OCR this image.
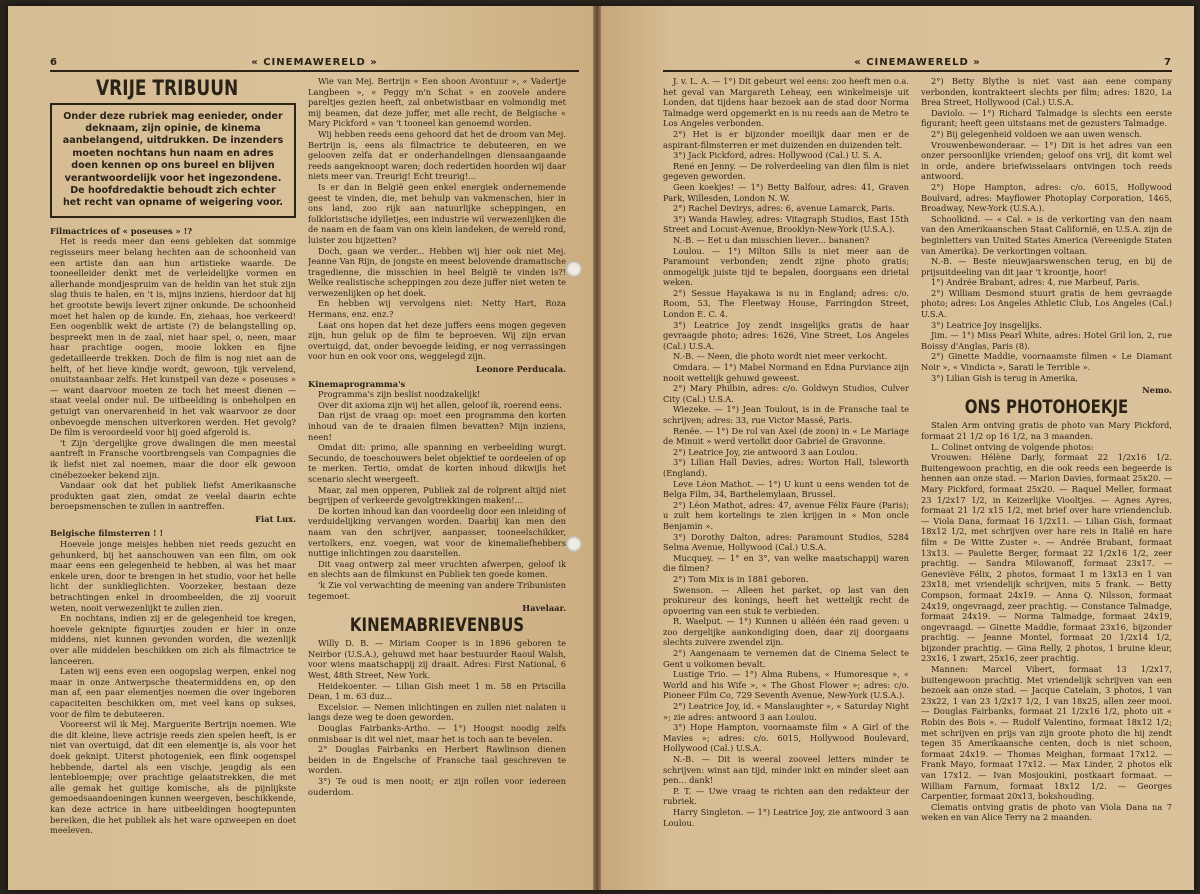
6	« CINEMAWERELD »
VRIJE TRIBUUN
Onder deze rubriek mag eenieder, onder deknaam, zijn opinie, de kinema aanbelangend, uitdrukken. De inzenders moeten nochtans hun naam en adres doen kennen op ons bureel en blijven verantwoordelijk voor het ingezondene. De hoofdredaktie behoudt zich echter het recht van opname of weigering voor.

Filmactrices of « poseuses » !?

Het is reeds meer dan eens gebleken dat sommige regisseurs meer belang hechten aan de schoonheid van een artiste dan aan hun artistieke waarde. De tooneelleider denkt met de verleidelijke vormen en allerhande mondjespruim van de heldin van het stuk zijn slag thuis te halen, en 't is, mijns inziens, hierdoor dat hij het grootste bewijs levert zijner onkunde. De schoonheid moet het halen op de kunde. En, ziehaas, hoe verkeerd! Een oogenblik wekt de artiste (?) de belangstelling op, bespreekt men in de zaal, niet haar spel, o, neen, maar haar prachtige oogen, mooie lokken en fijne gedetailleerde trekken. Doch de film is nog niet aan de helft, of het lieve kindje wordt, gewoon, tijk vervelend, onuitstaanbaar zelfs. Het kunstpeil van deze « poseuses » — want daarvoor moeten ze toch het meest dienen — staat veelal onder nul. De uitbeelding is onbeholpen en getuigt van onervarenheid in het vak waarvoor ze door onbevoegde menschen uitverkoren werden. Het gevolg? De film is veroordeeld voor hij goed afgerold is.

't Zijn 'dergelijke grove dwalingen die men meestal aantreft in Fransche voortbrengsels van Compagnies die ik liefst niet zal noemen, maar die door elk gewoon cinébezoeker bekend zijn.

Vandaar ook dat het publiek liefst Amerikaansche produkten gaat zien, omdat ze veelal daarin echte beroepsmenschen te zullen in aantreffen.

Fiat Lux.

Belgische filmsterren ! !

Hoevele jonge meisjes hebben niet reeds gezucht en gehunkerd, bij het aanschouwen van een film, om ook maar eens een gelegenheid te hebben, al was het maar enkele uren, door te brengen in het studio, voor het helle licht der sunklieglichten. Voorzeker, bestaan deze betrachtingen enkel in droombeelden, die zij vooruit weten, nooit verwezenlijkt te zullen zien.

En nochtans, indien zij er de gelegenheid toe kregen, hoevele geknipte figuurtjes zouden er hier in onze middens, niet kunnen gevonden worden, die wezenlijk over alle middelen beschikken om zich als filmactrice te lanceeren.

Laten wij eens even een oogopslag werpen, enkel nog maar in onze Antwerpsche theatermiddens en, op den man af, een paar elementjes noemen die over ingeboren capaciteiten beschikken om, met veel kans op sukses, voor de film te debuteeren.

Vooreerst wil ik Mej. Marguerite Bertrijn noemen. Wie die dit kleine, lieve actrisje reeds zien spelen heeft, is er niet van overtuigd, dat dit een elementje is, als voor het doek geknipt. Uiterst photogeniek, een flink oogenspel hebbende, dartel als een vischje, jeugdig als een lentebloempje; over prachtige gelaatstrekken, die met alle gemak het guitige komische, als de pijnlijkste gemoedsaandoeningen kunnen weergeven, beschikkende, kan deze actrice in hare uitbeeldingen hoogtepunten bereiken, die het publiek als het ware opzweepen en doet meeleven.

Wie van Mej. Bertrijn « Een shoon Avontuur », « Vadertje Langbeen », « Peggy m'n Schat » en zoovele andere pareltjes gezien heeft, zal onbetwistbaar en volmondig met mij beamen, dat deze juffer, met alle recht, de Belgische « Mary Pickford » van 't tooneel kan genoemd worden.

Wij hebben reeds eens gehoord dat het de droom van Mej. Bertrijn is, eens als filmactrice te debuteeren, en we gelooven zelfa dat er onderhandelingen diensaangaande reeds aangeknoopt waren; doch redertiden hoorden wij daar niets meer van. Treurig! Echt treurig!...

Is er dan in België geen enkel energiek ondernemende geest te vinden, die, met behulp van vakmenschen, hier in ons land, zoo rijk aan natuurlijke scheppingen, en folkloristische idylletjes, een industrie wil verwezenlijken die de naam en de faam van ons klein landeken, de wereld rond, luister zou bijzetten?

Doch, gaan we verder... Hebben wij hier ook niet Mej. Jeanne Van Rijn, de jongste en meest belovende dramatische tragedienne, die misschien in heel België te vinden is?! Welke realistische scheppingen zou deze juffer niet weten te verwezenlijken op het doek.

En hebben wij vervolgens niet: Netty Hart, Roza Hermans, enz. enz.?

Laat ons hopen dat het deze juffers eens mogen gegeven zijn, hun geluk op de film te beproeven. Wij zijn ervan overtuigd, dat, onder bevoegde leiding, er nog verrassingen voor hun en ook voor ons, weggelegd zijn.

Leonore Perducala.

Kinemaprogramma's

Programma's zijn beslist noodzakelijk!

Over dit axioma zijn wij het allen, geloof ik, roerend eens.

Dan rijst de vraag op: moet een programma den korten inhoud van de te draaien filmen bevatten? Mijn inziens, neen!

Omdat dit: primo, alle spanning en verbeelding wurgt. Secundo, de toeschouwers belet objektief te oordeelen of op te merken. Tertio, omdat de korten inhoud dikwijls het scenario slecht weergeeft.

Maar, zal men opperen, Publiek zal de rolprent altijd niet begrijpen of verkeerde gevolgtrekkingen maken!...

De korten inhoud kan dan voordeelig door een inleiding of verduidelijking vervangen worden. Daarbij kan men den naam van den schrijver, aanpasser, tooneelschikker, vertolkers, enz. voegen, wat voor de kinemaliefhebbers nuttige inlichtingen zou daarstellen.

Dit vaag ontwerp zal meer vruchten afwerpen, geloof ik en slechts aan de filmkunst en Publiek ten goede komen.

'k Zie vol verwachting de meening van andere Tribunisten tegemoet.

Havelaar.

KINEMABRIEVENBUS

Willy D. B. — Miriam Cooper is in 1896 geboren te Neirbor (U.S.A.), gehuwd met haar bestuurder Raoul Walsh, voor wiens maatschappij zij draait. Adres: First National, 6 West, 48th Street, New York.

Heidekoenter. — Lilian Gish meet 1 m. 58 en Priscilla Dean, 1 m. 63 duz...

Excelsior. — Nemen inlichtingen en zullen niet nalaten u langs deze weg te doen geworden.

Douglas Fairbanks-Artho. — 1°) Hoogst noodig zelfs onmisbaar is dit wel niet, maar het is toch aan te bevelen.

2° Douglas Fairbanks en Herbert Rawlinson dienen beiden in de Engelsche of Fransche taal geschreven te worden.

3°) Te oud is men nooit; er zijn rollen voor iedereen ouderdom.

« CINEMAWERELD »	7

J. v. L. A. — 1°) Dit gebeurt wel eens: zoo heeft men o.a. het geval van Margareth Leheay, een winkelmeisje uit Londen, dat tijdens haar bezoek aan de stad door Norma Talmadge werd opgemerkt en is nu reeds aan de Metro te Los Angeles verbonden.

2°) Het is er bijzonder moeilijk daar men er de aspirant-filmsterren er met duizenden en duizenden telt.

3°) Jack Pickford, adres: Hollywood (Cal.) U. S. A.

René en Jenny. — De rolverdeeling van dien film is niet gegeven geworden.

Geen koekjes! — 1°) Betty Balfour, adres: 41, Graven Park, Willesden, London N. W.

2°) Rachel Devirys, adres: 6, avenue Lamarck, Paris.

3°) Wanda Hawley, adres: Vitagraph Studios, East 15th Street and Locust-Avenue, Brooklyn-New-York (U.S.A.).

N.-B. — Eet u dan misschien liever... bananen?

Loulou. — 1°) Milton Sills is niet meer aan de Paramount verbonden; zendt zijne photo gratis; onmogelijk juiste tijd te bepalen, doorgaans een drietal weken.

2°) Sessue Hayakawa is nu in England; adres: c/o. Room, 53, The Fleetway House, Farringdon Street, London E. C. 4.

3°) Leatrice Joy zendt insgelijks gratis de haar gevraagde photo; adres: 1626, Vine Street, Los Angeles (Cal.) U.S.A.

N.-B. — Neen, die photo wordt niet meer verkocht.

Omdara. — 1°) Mabel Normand en Edna Purviance zijn nooit wettelijk gehuwd geweest.

2°) Mary Philbin, adres: c/o. Goldwyn Studios, Culver City (Cal.) U.S.A.

Wiezeke. — 1°) Jean Toulout, is in de Fransche taal te schrijven; adres: 33, rue Victor Massé, Paris.

Renée. — 1°) De rol van Axel (de zoon) in « Le Mariage de Minuit » werd vertolkt door Gabriel de Gravonne.

2°) Leatrice Joy, zie antwoord 3 aan Loulou.

3°) Lilian Hall Davies, adres: Worton Hall, Isleworth (England).

Leve Léon Mathot. — 1°) U kunt u eens wenden tot de Belga Film, 34, Barthelemylaan, Brussel.

2°) Léon Mathot, adres: 47, avenue Félix Faure (Paris); u zult hem kortelings te zien krijgen in « Mon oncle Benjamin ».

3°) Dorothy Dalton, adres: Paramount Studios, 5284 Selma Avenue, Hollywood (Cal.) U.S.A.

Mucquey. — 1° en 3°, van welke maatschappij waren die filmen?

2°) Tom Mix is in 1881 geboren.

Swenson. — Alleen het parket, op last van den prokureur des konings, heeft het wettelijk recht de opvoering van een stuk te verbieden.

R. Waelput. — 1°) Kunnen u alléén één raad geven: u zoo dergelijke aankondiging doen, daar zij doorgaans slechts zuivere zwendel zijn.

2°) Aangenaam te vernemen dat de Cinema Select te Gent u volkomen bevalt.

Lustige Trio. — 1°) Alma Rubens, « Humoresque », « World and his Wife », « The Ghost Flower »; adres: c/o. Pioneer Film Co, 729 Seventh Avenue, New-York (U.S.A.).

2°) Leatrice Joy, id. « Manslaughter », « Saturday Night »; zie adres: antwoord 3 aan Loulou.

3°) Hope Hampton, voornaamste film « A Girl of the Mavies »; adres: c/o. 6015, Hollywood Boulevard, Hollywood (Cal.) U.S.A.

N.-B. — Dit is weeral zooveel letters minder te schrijven: winst aan tijd, minder inkt en minder sleet aan pen... dank!

P. T. — Uwe vraag te richten aan den redakteur der rubriek.

Harry Singleton. — 1°) Leatrice Joy, zie antwoord 3 aan Loulou.

2°) Betty Blythe is niet vast aan eene company verbonden, kontrakteert slechts per film; adres: 1820, La Brea Street, Hollywood (Cal.) U.S.A.

Daviolo. — 1°) Richard Talmadge is slechts een eerste figurant; heeft geen uitstaans met de gezusters Talmadge.

2°) Bij gelegenheid voldoen we aan uwen wensch.

Vrouwenbewonderaar. — 1°) Dit is het adres van een onzer persoonlijke vrienden; geloof ons vrij, dit komt wel in orde, andere briefwisselaars ontvingen toch reeds antwoord.

2°) Hope Hampton, adres: c/o. 6015, Hollywood Boulvard, adres: Mayflower Photoplay Corporation, 1465, Broadway, New-York (U.S.A.).

Schoolkind. — « Cal. » is de verkorting van den naam van den Amerikaanschen Staat Californië, en U.S.A. zijn de beginletters van United States America (Vereenigde Staten van Amerika). De verkortingen voltaan.

N.-B. — Beste nieuwjaarswenschen terug, en bij de prijsuitdeeling van dit jaar 't kroontje, hoor!

1°) Andrée Brabant, adres: 4, rue Marbeuf, Paris.

2°) William Desmond stuurt gratis de hem gevraagde photo; adres: Los Angeles Athletic Club, Los Angeles (Cal.) U.S.A.

3°) Leatrice Joy insgelijks.

Jim. — 1°) Miss Pearl White, adres: Hotel Gril lon, 2, rue Boissy d'Anglas, Paris (8).

2°) Ginette Maddie, voornaamste filmen « Le Diamant Noir », « Vindicta », Sarati le Terrible ».

3°) Lilian Gish is terug in Amerika.

Nemo.

ONS PHOTOHOEKJE

Stalen Arm ontving gratis de photo van Mary Pickford, formaat 21 1/2 op 16 1/2, na 3 maanden.

L. Colinet ontving de volgende photos:

Vrouwen: Hélène Darly, formaat 22 1/2x16 1/2. Buitengewoon prachtig, en die ook reeds een begeerde is hennen aan onze stad. — Marion Davies, formaat 25x20. — Mary Pickford, formaat 25x20. — Raquel Meller, formaat 23 1/2x17 1/2, in Keizerlijke Viooltjes. — Agnes Ayres, formaat 21 1/2 x15 1/2, met brief over hare vriendenclub. — Viola Dana, formaat 16 1/2x11. — Lilian Gish, formaat 18x12 1/2, met schrijven over hare reis in Italië en hare film « De Witte Zuster ». — Andrée Brabant, formaat 13x13. — Paulette Berger, formaat 22 1/2x16 1/2, zeer prachtig. — Sandra Milowanoff, formaat 23x17. — Geneviève Félix, 2 photos, formaat 1 m 13x13 en 1 van 23x18, met vriendelijk schrijven, mits 5 frank. — Betty Compson, formaat 24x19. — Anna Q. Nilsson, formaat 24x19, ongevraagd, zeer prachtig. — Constance Talmadge, formaat 24x19. — Norma Talmadge, formaat 24x19, ongevraagd. — Ginette Maddie, formaat 23x16, bijzonder prachtig. — Jeanne Montel, formaat 20 1/2x14 1/2, bijzonder prachtig. — Gina Relly, 2 photos, 1 bruine kleur, 23x16, 1 zwart, 25x16, zeer prachtig.

Mannen: Marcel Vibert, formaat 13 1/2x17, buitengewoon prachtig. Met vriendelijk schrijven van een bezoek aan onze stad. — Jacque Catelain, 3 photos, 1 van 23x22, 1 van 23 1/2x17 1/2, 1 van 18x25, allen zeer mooi. — Douglas Fairbanks, formaat 21 1/2x16 1/2, photo uit « Robin des Bois ». — Rudolf Valentino, formaat 18x12 1/2; met schrijven en prijs van zijn groote photo die hij zendt tegen 35 Amerikaansche centen, doch is niet schoon, formaat 24x19. — Thomas Meighan, formaat 17x12. — Frank Mayo, formaat 17x12. — Max Linder, 2 photos elk van 17x12. — Ivan Mosjoukini, postkaart formaat. — William Farnum, formaat 18x12 1/2. — Georges Carpentier, formaat 20x13, bokshouding.

Clematis ontving gratis de photo van Viola Dana na 7 weken en van Alice Terry na 2 maanden.
